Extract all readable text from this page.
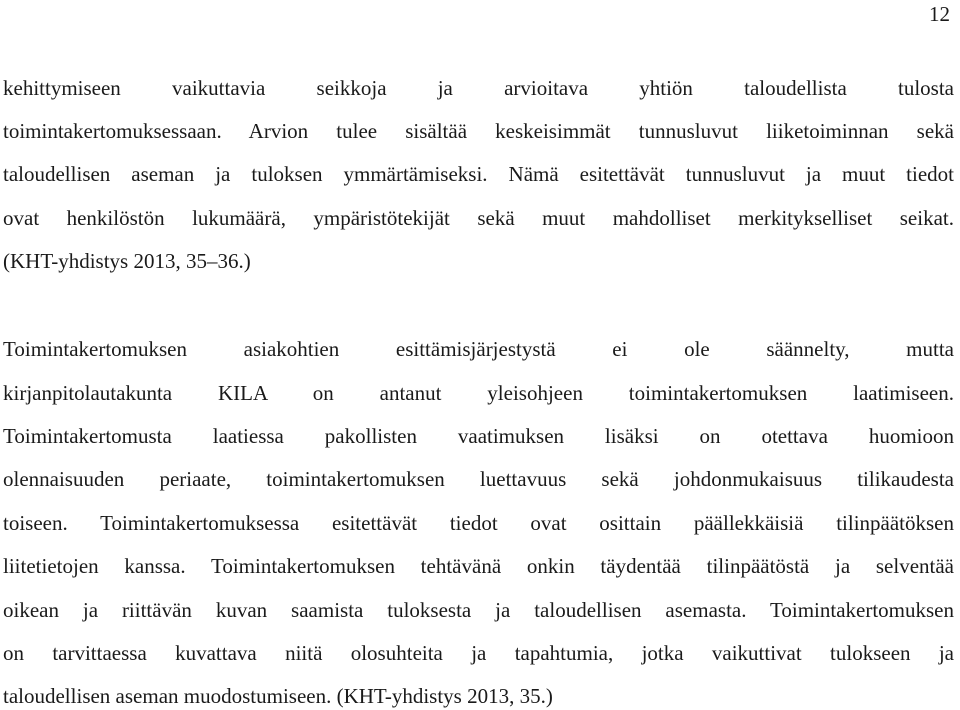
12
kehittymiseen vaikuttavia seikkoja ja arvioitava yhtiön taloudellista tulosta
toimintakertomuksessaan. Arvion tulee sisältää keskeisimmät tunnusluvut liiketoiminnan sekä
taloudellisen aseman ja tuloksen ymmärtämiseksi. Nämä esitettävät tunnusluvut ja muut tiedot
ovat henkilöstön lukumäärä, ympäristötekijät sekä muut mahdolliset merkitykselliset seikat.
(KHT-yhdistys 2013, 35–36.)
Toimintakertomuksen asiakohtien esittämisjärjestystä ei ole säännelty, mutta
kirjanpitolautakunta KILA on antanut yleisohjeen toimintakertomuksen laatimiseen.
Toimintakertomusta laatiessa pakollisten vaatimuksen lisäksi on otettava huomioon
olennaisuuden periaate, toimintakertomuksen luettavuus sekä johdonmukaisuus tilikaudesta
toiseen. Toimintakertomuksessa esitettävät tiedot ovat osittain päällekkäisiä tilinpäätöksen
liitetietojen kanssa. Toimintakertomuksen tehtävänä onkin täydentää tilinpäätöstä ja selventää
oikean ja riittävän kuvan saamista tuloksesta ja taloudellisen asemasta. Toimintakertomuksen
on tarvittaessa kuvattava niitä olosuhteita ja tapahtumia, jotka vaikuttivat tulokseen ja
taloudellisen aseman muodostumiseen. (KHT-yhdistys 2013, 35.)
